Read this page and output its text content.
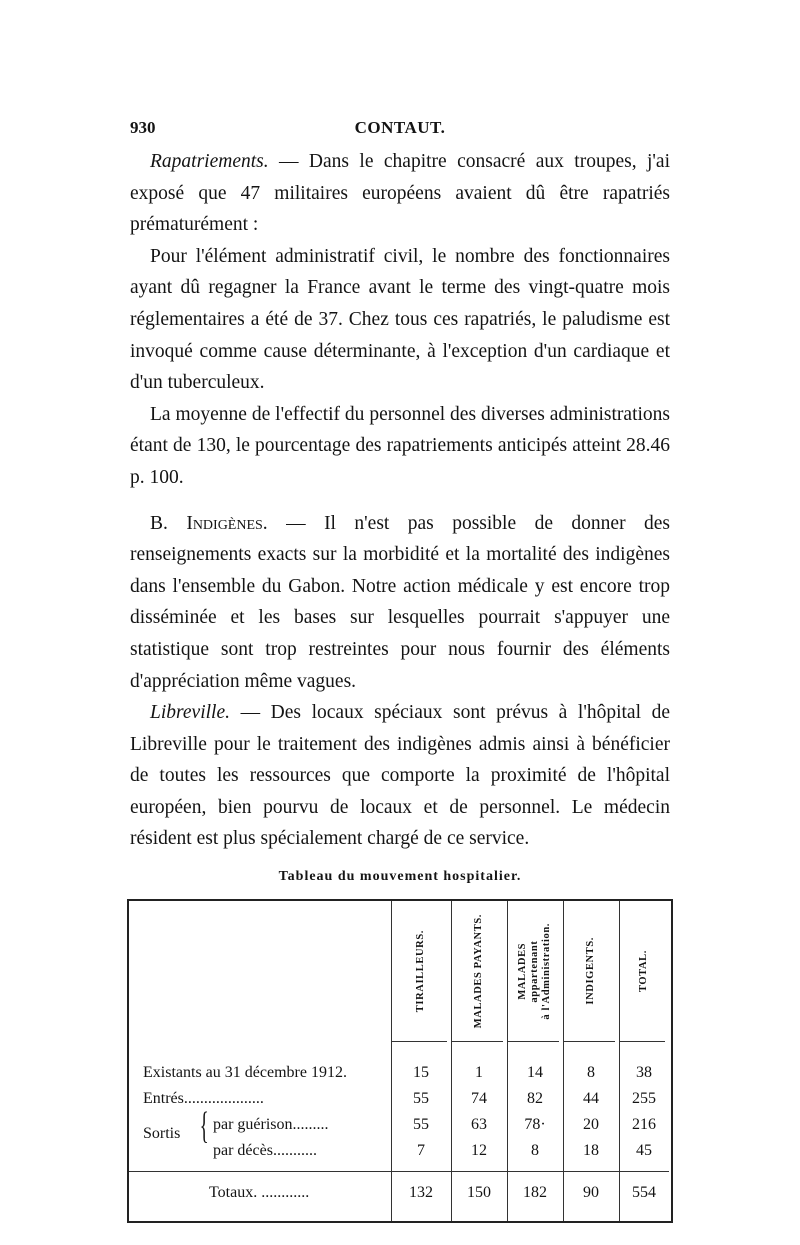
930	CONTAUT.

Rapatriements. — Dans le chapitre consacré aux troupes, j'ai exposé que 47 militaires européens avaient dû être rapatriés prématurément :

Pour l'élément administratif civil, le nombre des fonctionnaires ayant dû regagner la France avant le terme des vingt-quatre mois réglementaires a été de 37. Chez tous ces rapatriés, le paludisme est invoqué comme cause déterminante, à l'exception d'un cardiaque et d'un tuberculeux.

La moyenne de l'effectif du personnel des diverses administrations étant de 130, le pourcentage des rapatriements anticipés atteint 28.46 p. 100.

B. Indigènes. — Il n'est pas possible de donner des renseignements exacts sur la morbidité et la mortalité des indigènes dans l'ensemble du Gabon. Notre action médicale y est encore trop disséminée et les bases sur lesquelles pourrait s'appuyer une statistique sont trop restreintes pour nous fournir des éléments d'appréciation même vagues.

Libreville. — Des locaux spéciaux sont prévus à l'hôpital de Libreville pour le traitement des indigènes admis ainsi à bénéficier de toutes les ressources que comporte la proximité de l'hôpital européen, bien pourvu de locaux et de personnel. Le médecin résident est plus spécialement chargé de ce service.

Tableau du mouvement hospitalier.
TIRAILLEURS.	MALADES PAYANTS.	MALADES
appartenant
à l'Administration.	INDIGENTS.	TOTAL.
Existants au 31 décembre 1912.	15	1	14	8	38
Entrés....................	55	74	82	44	255
Sortis { par guérison.........	55	63	78·	20	216
par décès...........	7	12	8	18	45
Totaux. ............	132	150	182	90	554
